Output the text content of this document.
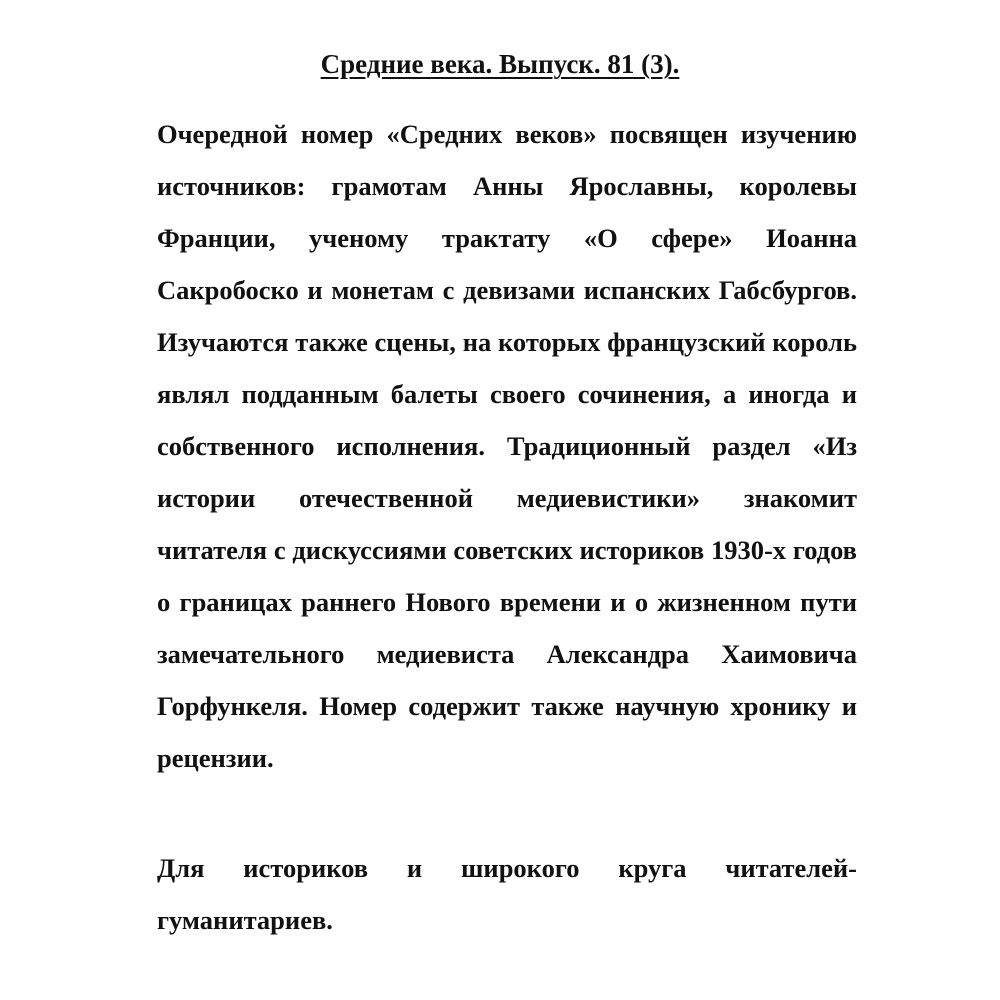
Средние века. Выпуск. 81 (3).

Очередной номер «Средних веков» посвящен изучению источников: грамотам Анны Ярославны, королевы Франции, ученому трактату «О сфере» Иоанна Сакробоско и монетам с девизами испанских Габсбургов. Изучаются также сцены, на которых французский король являл подданным балеты своего сочинения, а иногда и собственного исполнения. Традиционный раздел «Из истории отечественной медиевистики» знакомит читателя с дискуссиями советских историков 1930-х годов о границах раннего Нового времени и о жизненном пути замечательного медиевиста Александра Хаимовича Горфункеля. Номер содержит также научную хронику и рецензии.

Для историков и широкого круга читателей-гуманитариев.
